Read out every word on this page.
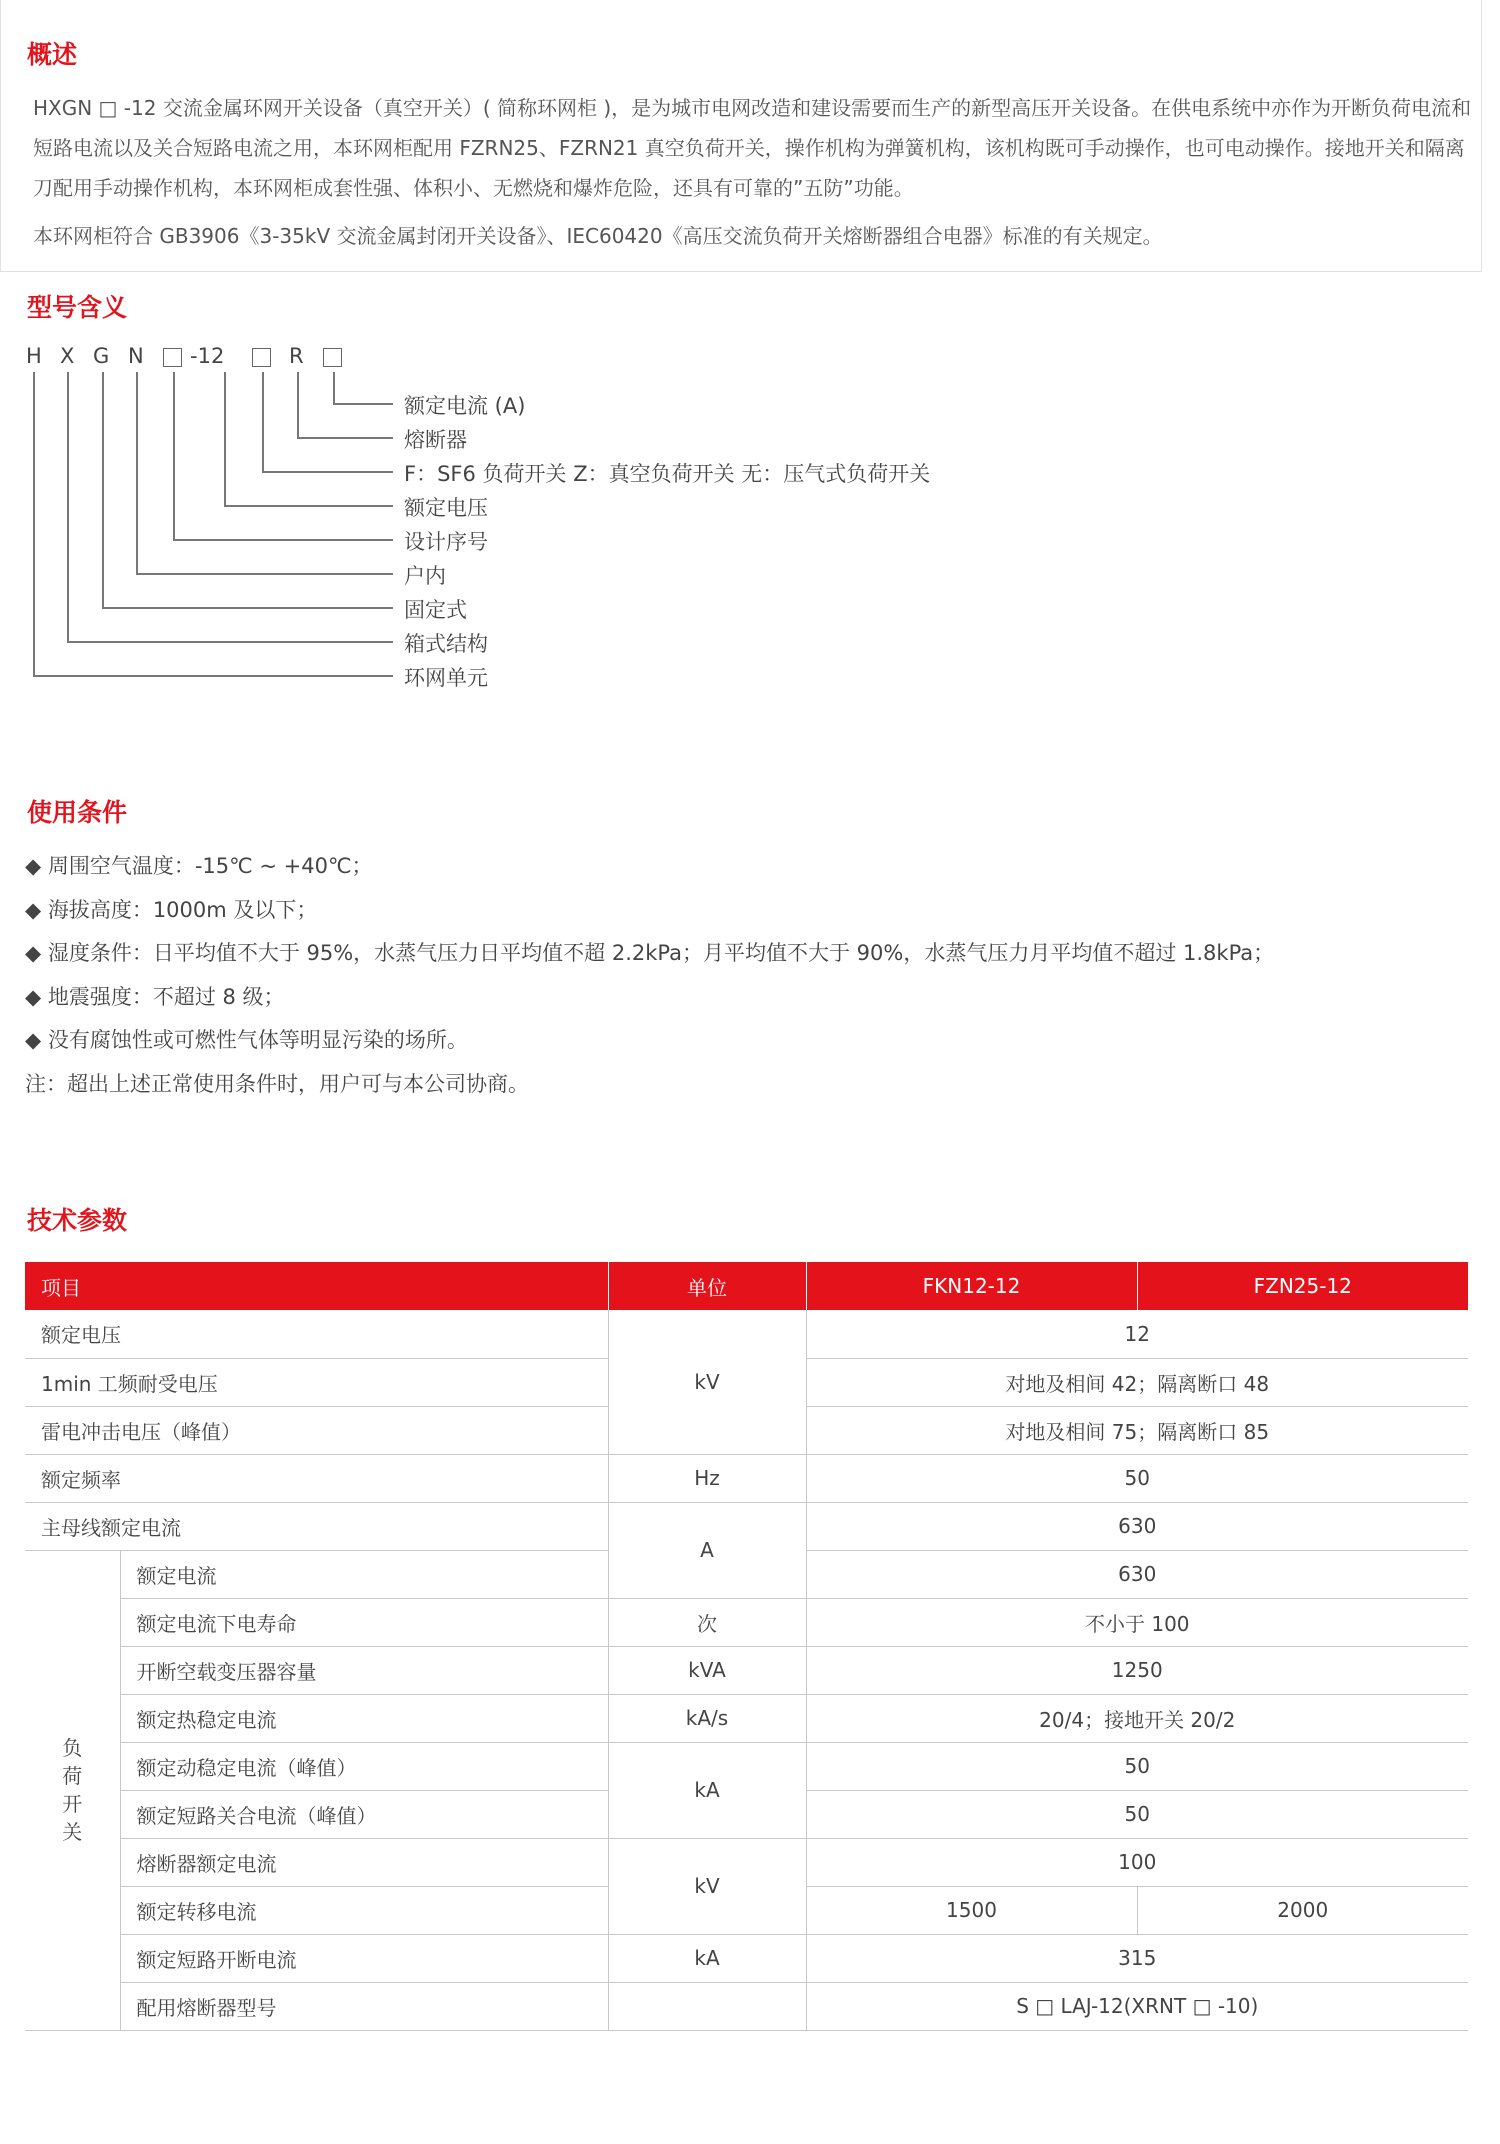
概述
HXGN □ -12 交流金属环网开关设备（真空开关）( 简称环网柜 )，是为城市电网改造和建设需要而生产的新型高压开关设备。在供电系统中亦作为开断负荷电流和短路电流以及关合短路电流之用，本环网柜配用 FZRN25、FZRN21 真空负荷开关，操作机构为弹簧机构，该机构既可手动操作，也可电动操作。接地开关和隔离刀配用手动操作机构，本环网柜成套性强、体积小、无燃烧和爆炸危险，还具有可靠的”五防”功能。
本环网柜符合 GB3906《3-35kV 交流金属封闭开关设备》、IEC60420《高压交流负荷开关熔断器组合电器》标准的有关规定。
型号含义
H X G N -12	R
额定电流 (A)
熔断器
F：SF6 负荷开关 Z：真空负荷开关 无：压气式负荷开关
额定电压
设计序号
户内
固定式
箱式结构
环网单元
使用条件
◆ 周围空气温度：-15℃ ~ +40℃；
◆ 海拔高度：1000m 及以下；
◆ 湿度条件：日平均值不大于 95%，水蒸气压力日平均值不超 2.2kPa；月平均值不大于 90%，水蒸气压力月平均值不超过 1.8kPa；
◆ 地震强度：不超过 8 级；
◆ 没有腐蚀性或可燃性气体等明显污染的场所。
注：超出上述正常使用条件时，用户可与本公司协商。
技术参数
项目		单位	FKN12-12	FZN25-12
额定电压		kV	12	
1min 工频耐受电压			对地及相间 42；隔离断口 48	
雷电冲击电压（峰值）			对地及相间 75；隔离断口 85	
额定频率		Hz	50	
主母线额定电流		A	630	
负荷开关	额定电流		630	
	额定电流下电寿命	次	不小于 100	
	开断空载变压器容量	kVA	1250	
	额定热稳定电流	kA/s	20/4；接地开关 20/2	
	额定动稳定电流（峰值）	kA	50	
	额定短路关合电流（峰值）		50	
	熔断器额定电流	kV	100	
	额定转移电流		1500	2000
	额定短路开断电流	kA	315	
	配用熔断器型号		S □ LAJ-12(XRNT □ -10)	
